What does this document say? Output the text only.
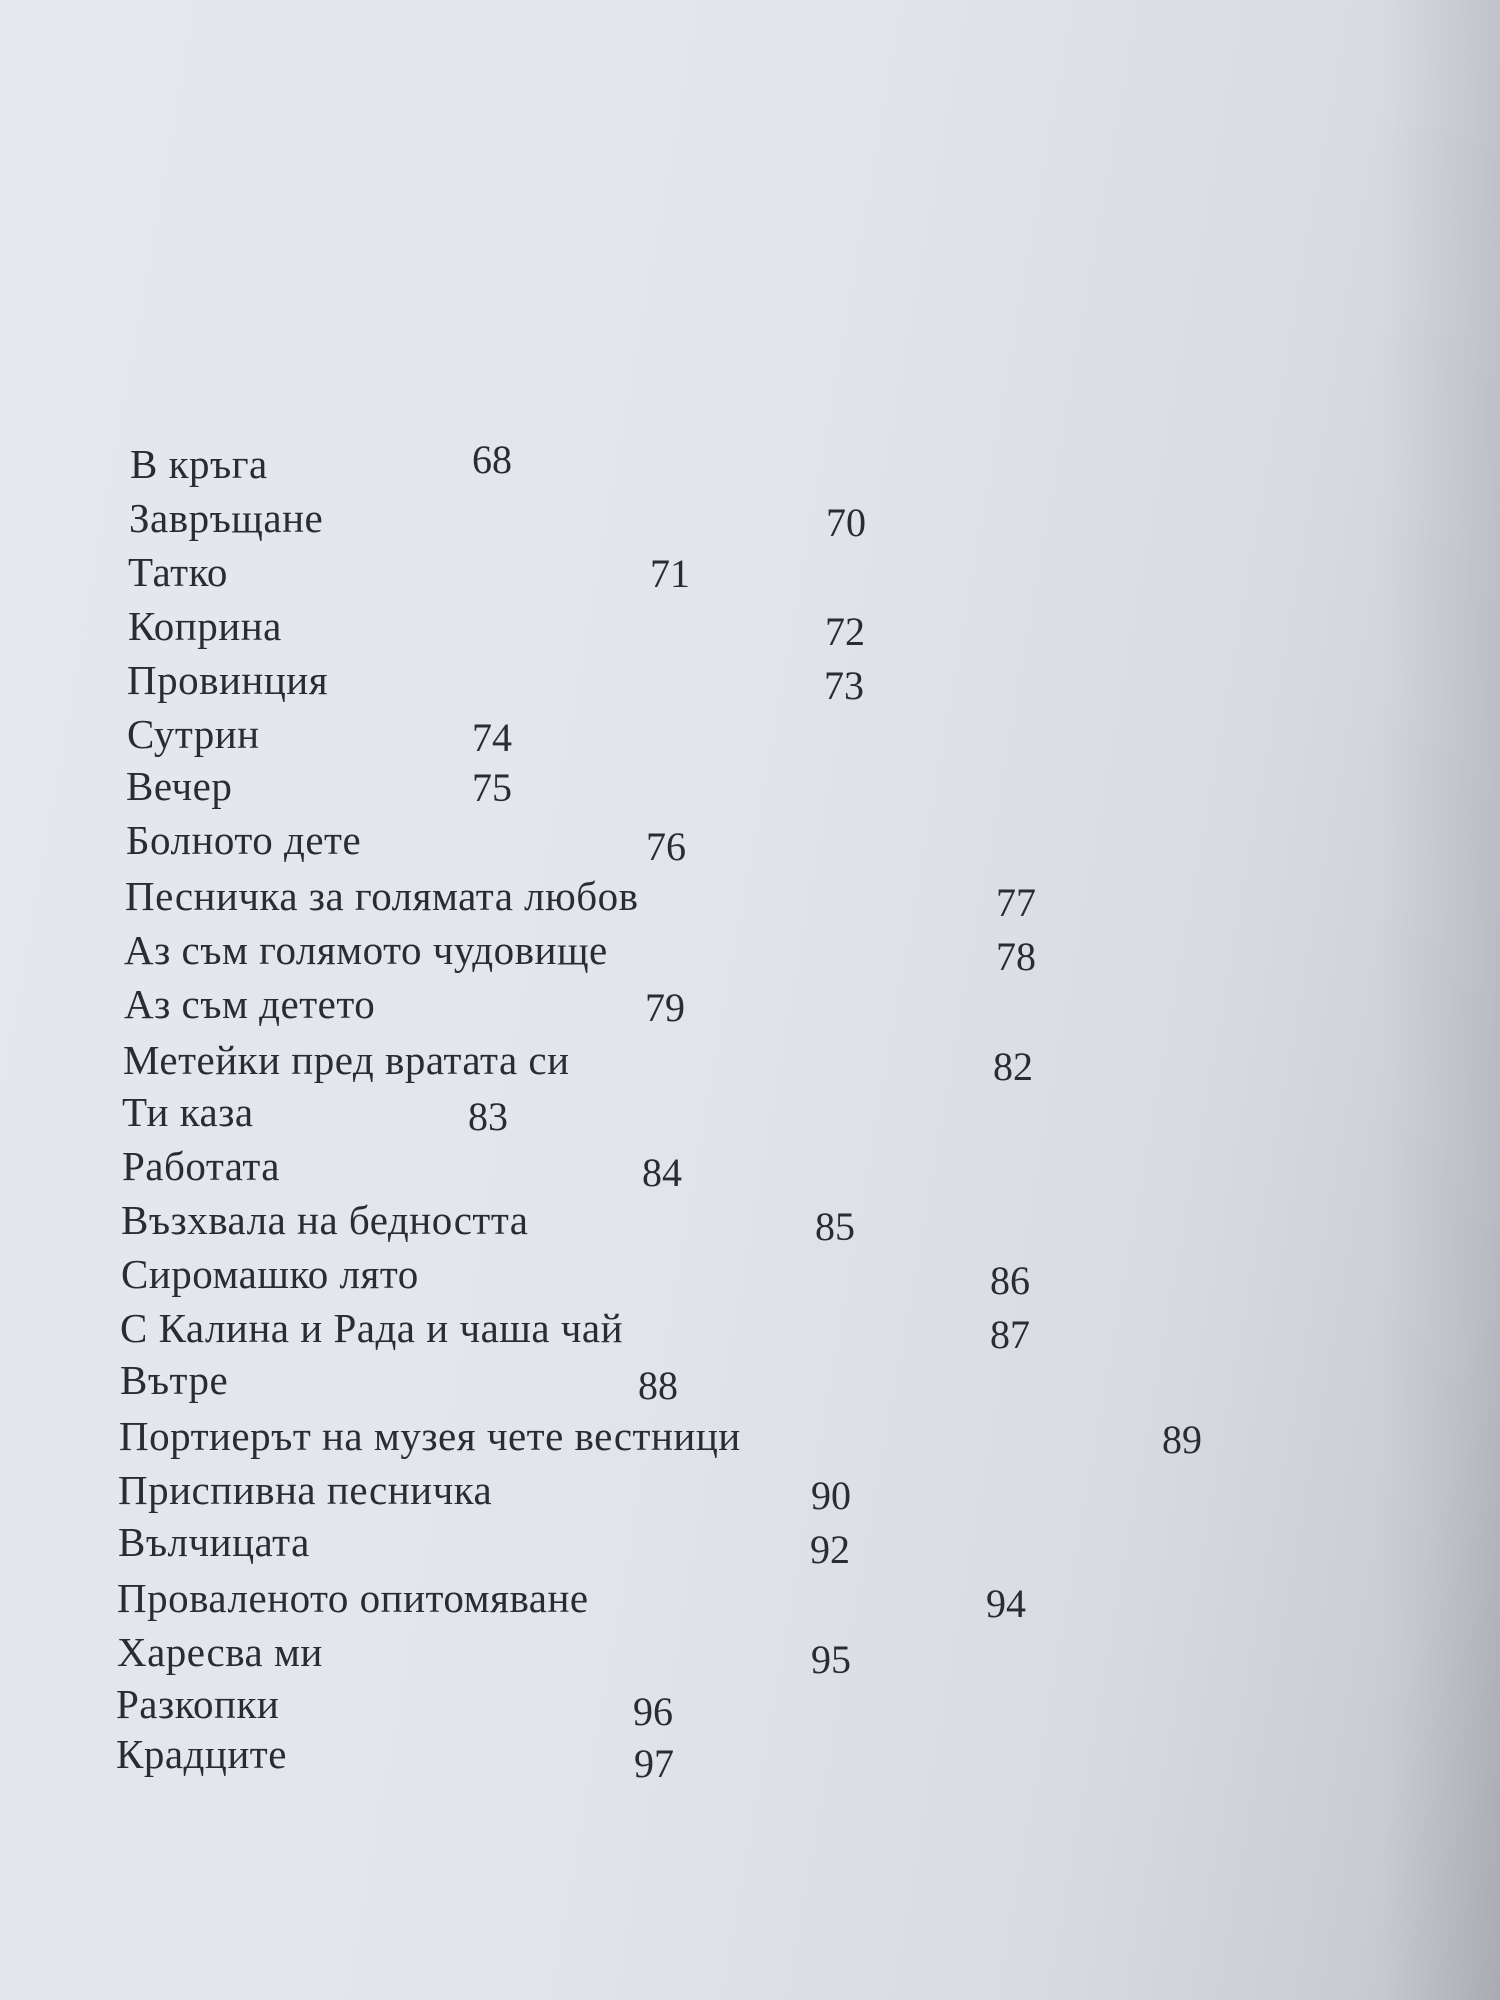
В кръга	68
Завръщане	70
Татко	71
Коприна	72
Провинция	73
Сутрин	74
Вечер	75
Болното дете	76
Песничка за голямата любов	77
Аз съм голямото чудовище	78
Аз съм детето	79
Метейки пред вратата си	82
Ти каза	83
Работата	84
Възхвала на бедността	85
Сиромашко лято	86
С Калина и Рада и чаша чай	87
Вътре	88
Портиерът на музея чете вестници	89
Приспивна песничка	90
Вълчицата	92
Проваленото опитомяване	94
Харесва ми	95
Разкопки	96
Крадците	97
